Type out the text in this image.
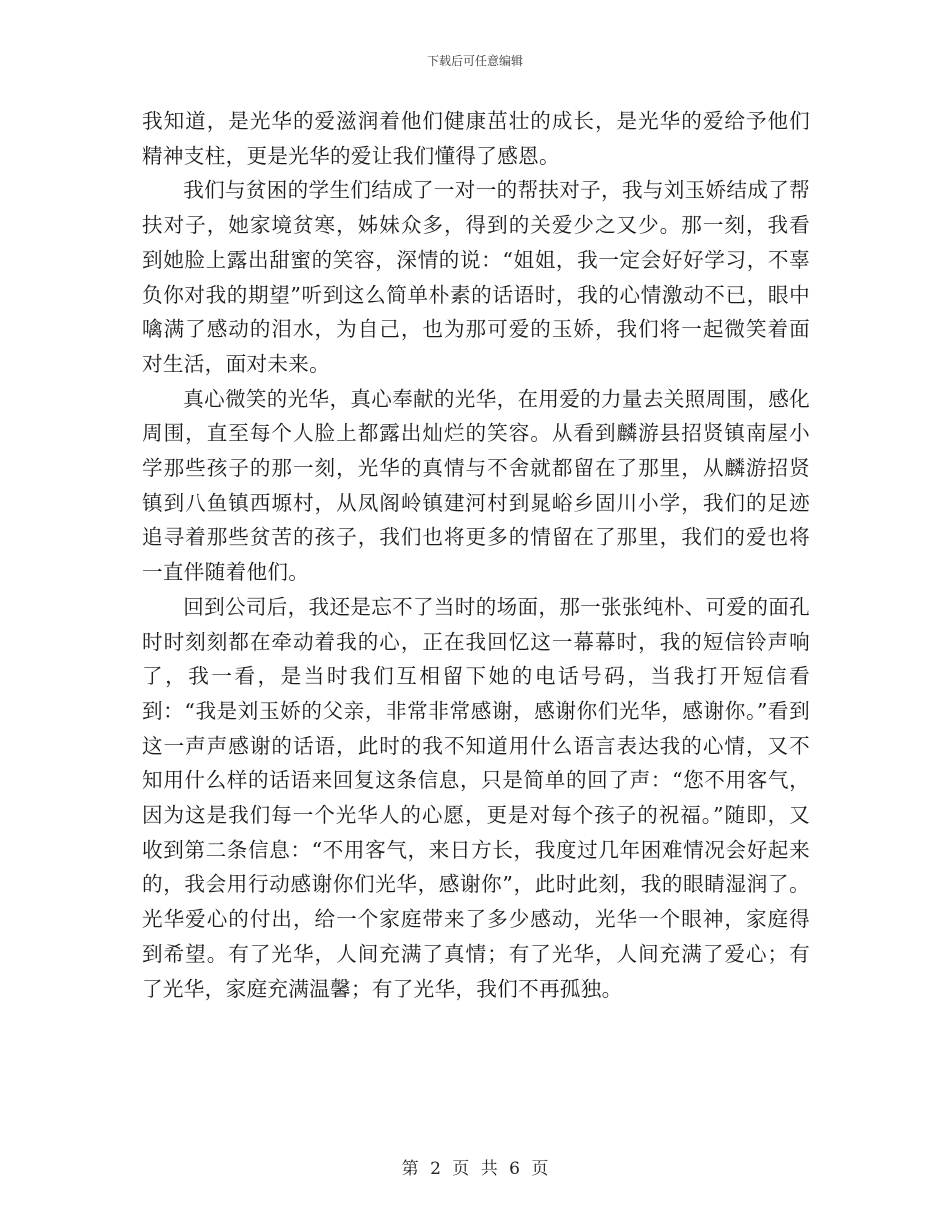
下载后可任意编辑

我知道，是光华的爱滋润着他们健康茁壮的成长，是光华的爱给予他们精神支柱，更是光华的爱让我们懂得了感恩。

我们与贫困的学生们结成了一对一的帮扶对子，我与刘玉娇结成了帮扶对子，她家境贫寒，姊妹众多，得到的关爱少之又少。那一刻，我看到她脸上露出甜蜜的笑容，深情的说：“姐姐，我一定会好好学习，不辜负你对我的期望”听到这么简单朴素的话语时，我的心情激动不已，眼中噙满了感动的泪水，为自己，也为那可爱的玉娇，我们将一起微笑着面对生活，面对未来。

真心微笑的光华，真心奉献的光华，在用爱的力量去关照周围，感化周围，直至每个人脸上都露出灿烂的笑容。从看到麟游县招贤镇南屋小学那些孩子的那一刻，光华的真情与不舍就都留在了那里，从麟游招贤镇到八鱼镇西塬村，从凤阁岭镇建河村到晁峪乡固川小学，我们的足迹追寻着那些贫苦的孩子，我们也将更多的情留在了那里，我们的爱也将一直伴随着他们。

回到公司后，我还是忘不了当时的场面，那一张张纯朴、可爱的面孔时时刻刻都在牵动着我的心，正在我回忆这一幕幕时，我的短信铃声响了，我一看，是当时我们互相留下她的电话号码，当我打开短信看到：“我是刘玉娇的父亲，非常非常感谢，感谢你们光华，感谢你。”看到这一声声感谢的话语，此时的我不知道用什么语言表达我的心情，又不知用什么样的话语来回复这条信息，只是简单的回了声：“您不用客气，因为这是我们每一个光华人的心愿，更是对每个孩子的祝福。”随即，又收到第二条信息：“不用客气，来日方长，我度过几年困难情况会好起来的，我会用行动感谢你们光华，感谢你”，此时此刻，我的眼睛湿润了。光华爱心的付出，给一个家庭带来了多少感动，光华一个眼神，家庭得到希望。有了光华，人间充满了真情；有了光华，人间充满了爱心；有了光华，家庭充满温馨；有了光华，我们不再孤独。

第 2 页 共 6 页
